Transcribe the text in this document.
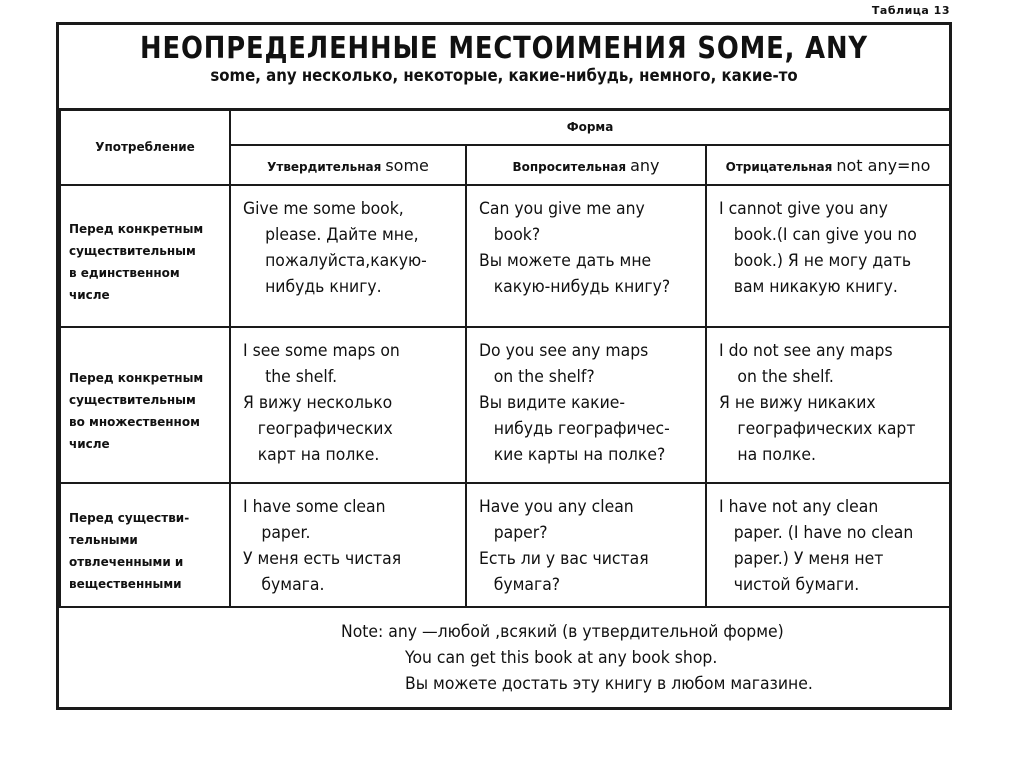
Таблица 13
НЕОПРЕДЕЛЕННЫЕ МЕСТОИМЕНИЯ SOME, ANY
some, any несколько, некоторые, какие-нибудь, немного, какие-то
Употребление	Форма		
	Утвердительная some	Вопросительная any	Отрицательная not any=no
Перед конкретным
существительным
в единственном
числе	Give me some book,
please. Дайте мне,
пожалуйста,какую-
нибудь книгу.	Can you give me any
book?
Вы можете дать мне
какую-нибудь книгу?	I cannot give you any
book.(I can give you no
book.) Я не могу дать
вам никакую книгу.

Перед конкретным
существительным
во множественном
числе	I see some maps on
the shelf.
Я вижу несколько
географических
карт на полке.	Do you see any maps
on the shelf?
Вы видите какие-
нибудь географичес-
кие карты на полке?	I do not see any maps
on the shelf.
Я не вижу никаких
географических карт
на полке.

Перед существи-
тельными
отвлеченными и
вещественными	I have some clean
paper.
У меня есть чистая
бумага.	Have you any clean
paper?
Есть ли у вас чистая
бумага?	I have not any clean
paper. (I have no clean
paper.) У меня нет
чистой бумаги.
Note: any —любой ,всякий (в утвердительной форме)
You can get this book at any book shop.
Вы можете достать эту книгу в любом магазине.
